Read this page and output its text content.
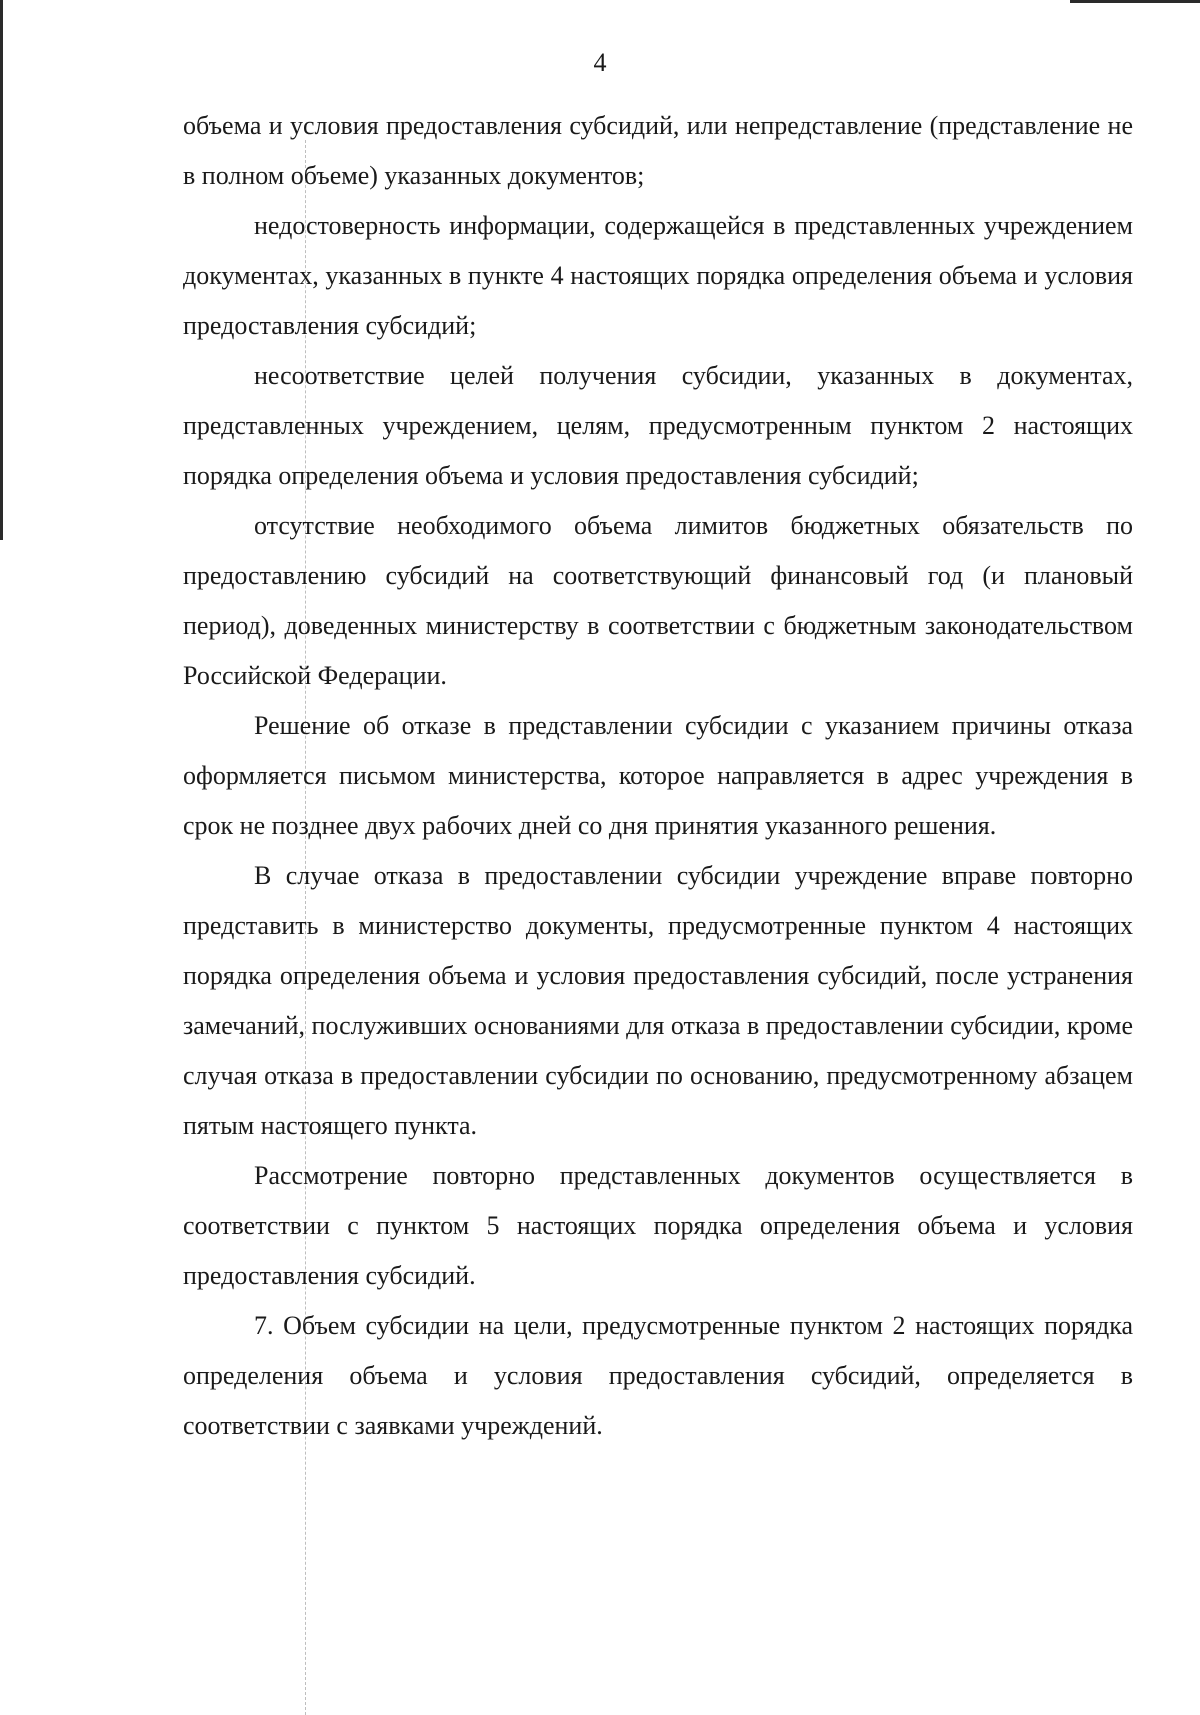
4

объема и условия предоставления субсидий, или непредставление (представление не в полном объеме) указанных документов;

недостоверность информации, содержащейся в представленных учреждением документах, указанных в пункте 4 настоящих порядка определения объема и условия предоставления субсидий;

несоответствие целей получения субсидии, указанных в документах, представленных учреждением, целям, предусмотренным пунктом 2 настоящих порядка определения объема и условия предоставления субсидий;

отсутствие необходимого объема лимитов бюджетных обязательств по предоставлению субсидий на соответствующий финансовый год (и плановый период), доведенных министерству в соответствии с бюджетным законодательством Российской Федерации.

Решение об отказе в представлении субсидии с указанием причины отказа оформляется письмом министерства, которое направляется в адрес учреждения в срок не позднее двух рабочих дней со дня принятия указанного решения.

В случае отказа в предоставлении субсидии учреждение вправе повторно представить в министерство документы, предусмотренные пунктом 4 настоящих порядка определения объема и условия предоставления субсидий, после устранения замечаний, послуживших основаниями для отказа в предоставлении субсидии, кроме случая отказа в предоставлении субсидии по основанию, предусмотренному абзацем пятым настоящего пункта.

Рассмотрение повторно представленных документов осуществляется в соответствии с пунктом 5 настоящих порядка определения объема и условия предоставления субсидий.

7. Объем субсидии на цели, предусмотренные пунктом 2 настоящих порядка определения объема и условия предоставления субсидий, определяется в соответствии с заявками учреждений.
